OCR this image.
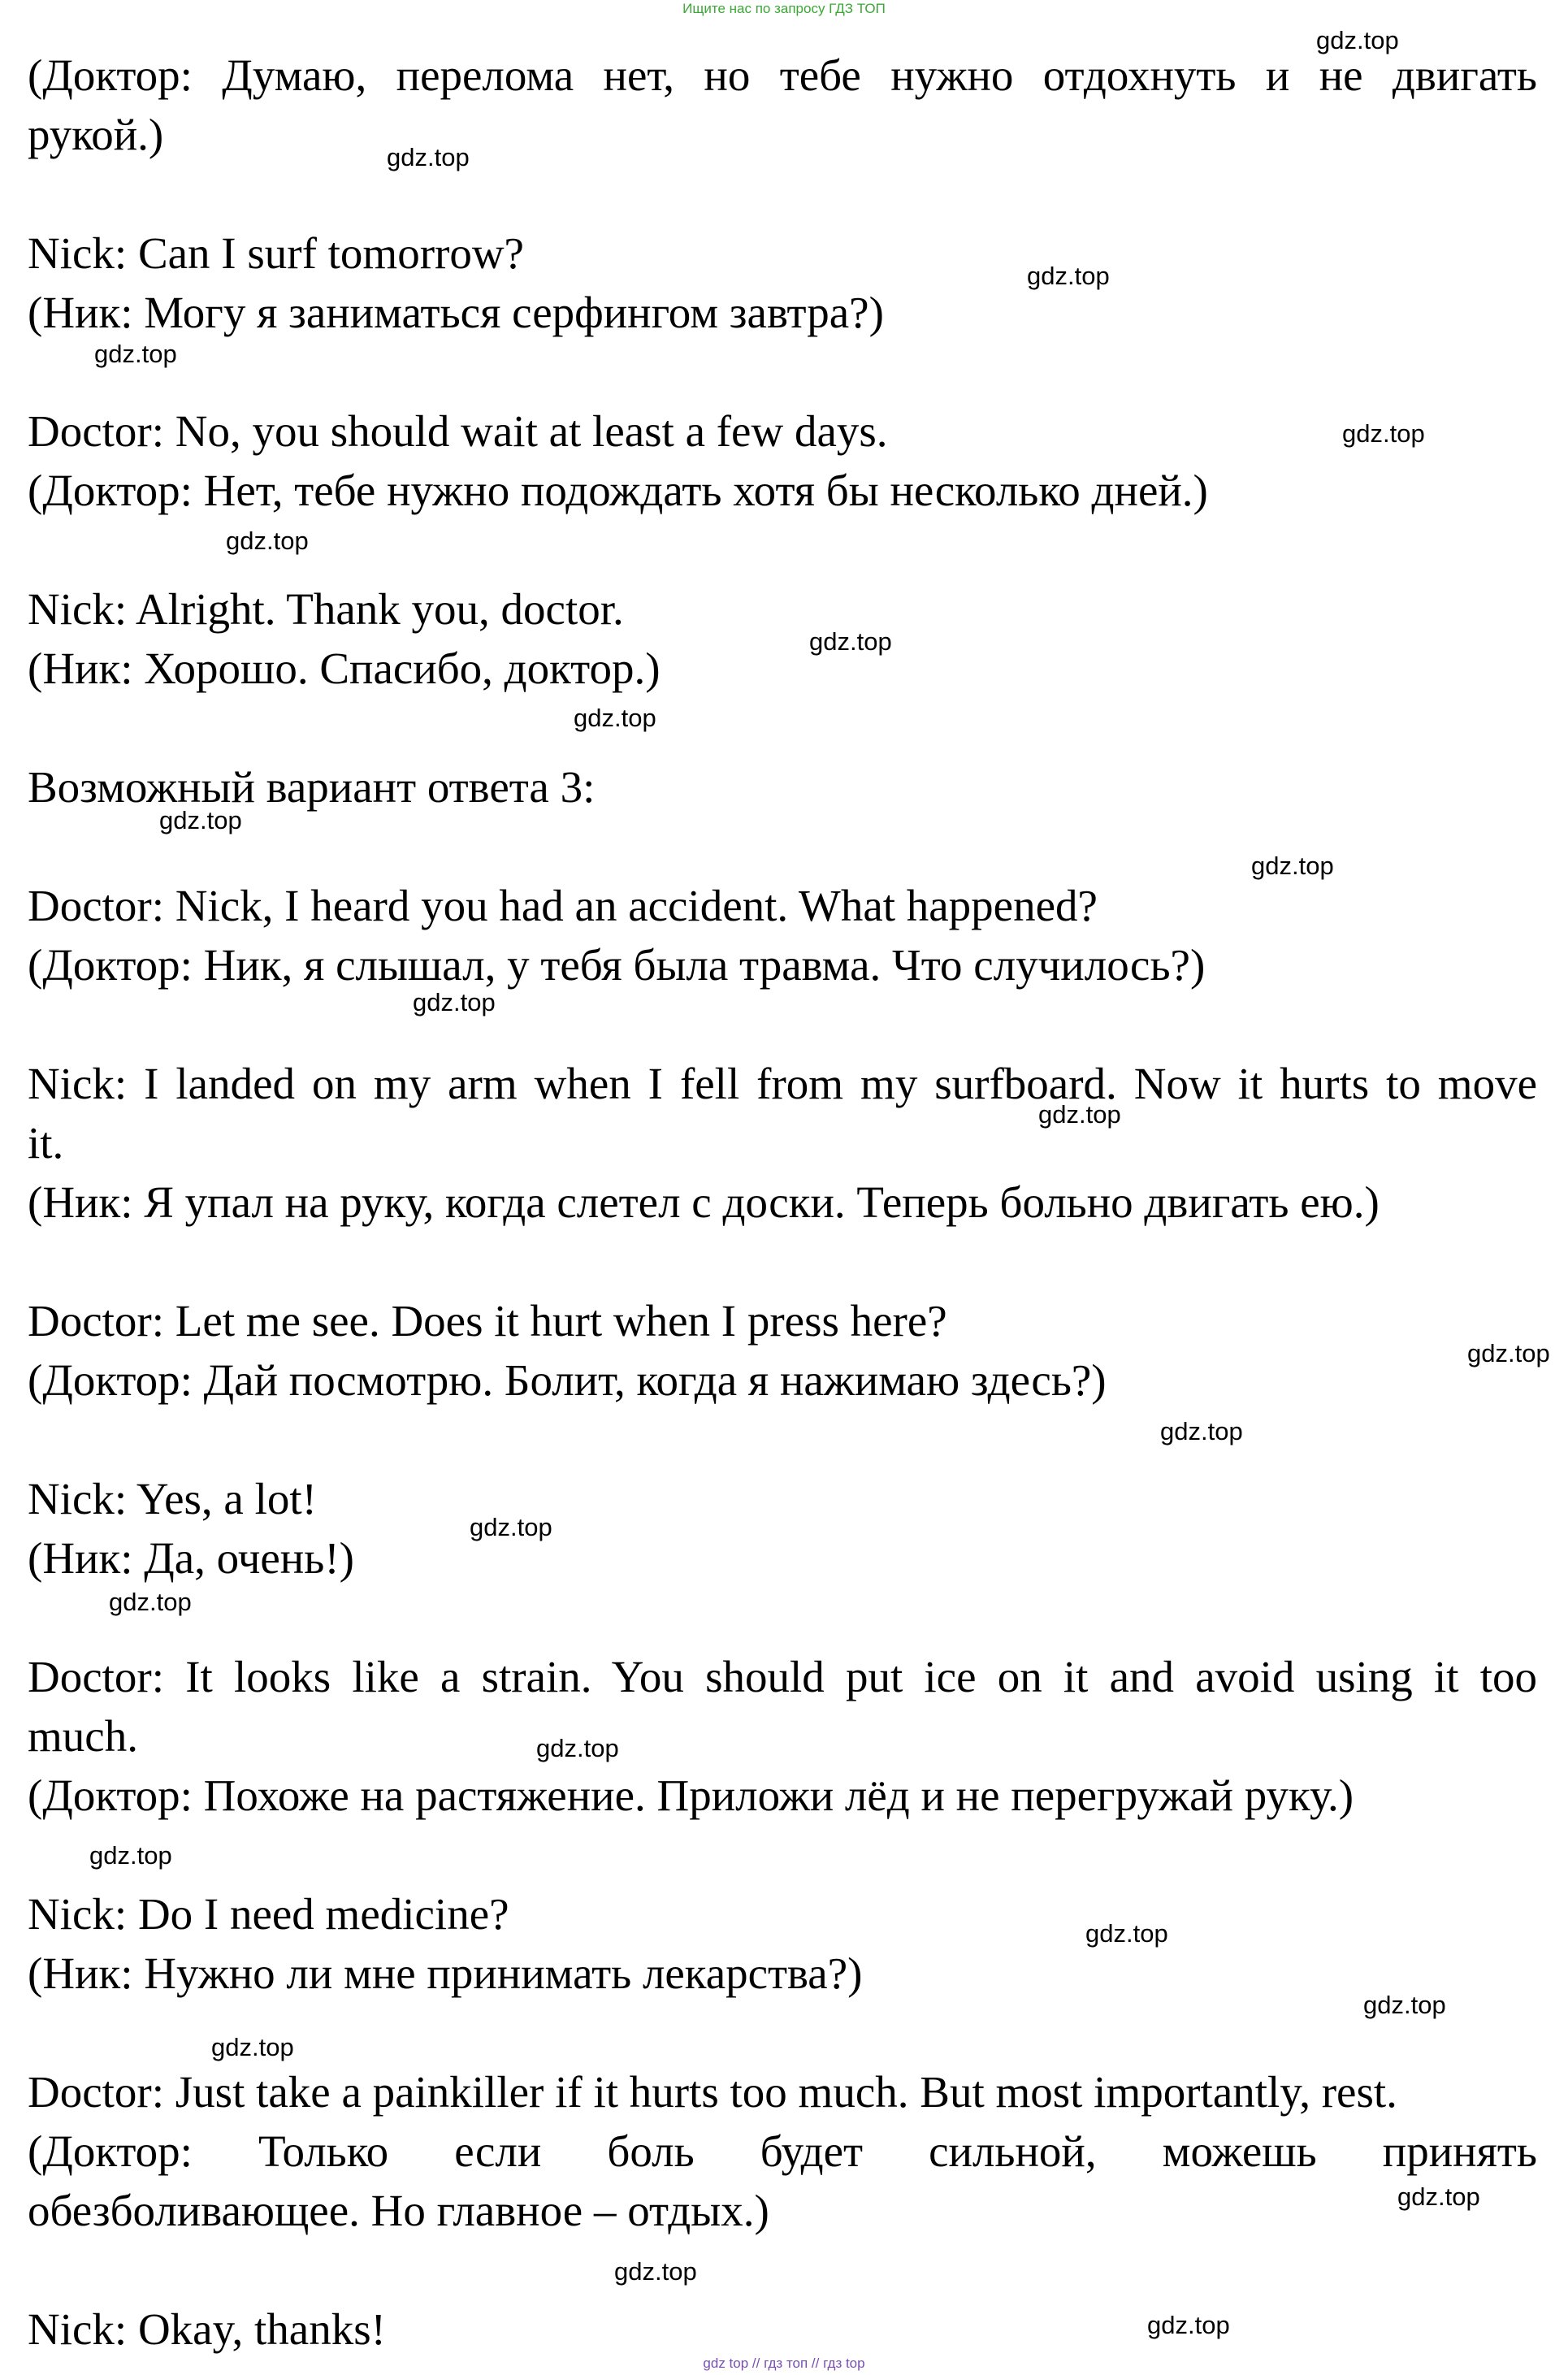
Ищите нас по запросу ГДЗ ТОП

(Доктор: Думаю, перелома нет, но тебе нужно отдохнуть и не двигать

рукой.)

Nick: Can I surf tomorrow?

(Ник: Могу я заниматься серфингом завтра?)

Doctor: No, you should wait at least a few days.

(Доктор: Нет, тебе нужно подождать хотя бы несколько дней.)

Nick: Alright. Thank you, doctor.

(Ник: Хорошо. Спасибо, доктор.)

Возможный вариант ответа 3:

Doctor: Nick, I heard you had an accident. What happened?

(Доктор: Ник, я слышал, у тебя была травма. Что случилось?)

Nick: I landed on my arm when I fell from my surfboard. Now it hurts to move

it.

(Ник: Я упал на руку, когда слетел с доски. Теперь больно двигать ею.)

Doctor: Let me see. Does it hurt when I press here?

(Доктор: Дай посмотрю. Болит, когда я нажимаю здесь?)

Nick: Yes, a lot!

(Ник: Да, очень!)

Doctor: It looks like a strain. You should put ice on it and avoid using it too

much.

(Доктор: Похоже на растяжение. Приложи лёд и не перегружай руку.)

Nick: Do I need medicine?

(Ник: Нужно ли мне принимать лекарства?)

Doctor: Just take a painkiller if it hurts too much. But most importantly, rest.

(Доктор: Только если боль будет сильной, можешь принять

обезболивающее. Но главное – отдых.)

Nick: Okay, thanks!

gdz.top
gdz.top
gdz.top
gdz.top
gdz.top
gdz.top
gdz.top
gdz.top
gdz.top
gdz.top
gdz.top
gdz.top
gdz.top
gdz.top
gdz.top
gdz.top
gdz.top
gdz.top
gdz.top
gdz.top
gdz.top
gdz.top
gdz.top
gdz.top
gdz top // гдз топ // гдз top
